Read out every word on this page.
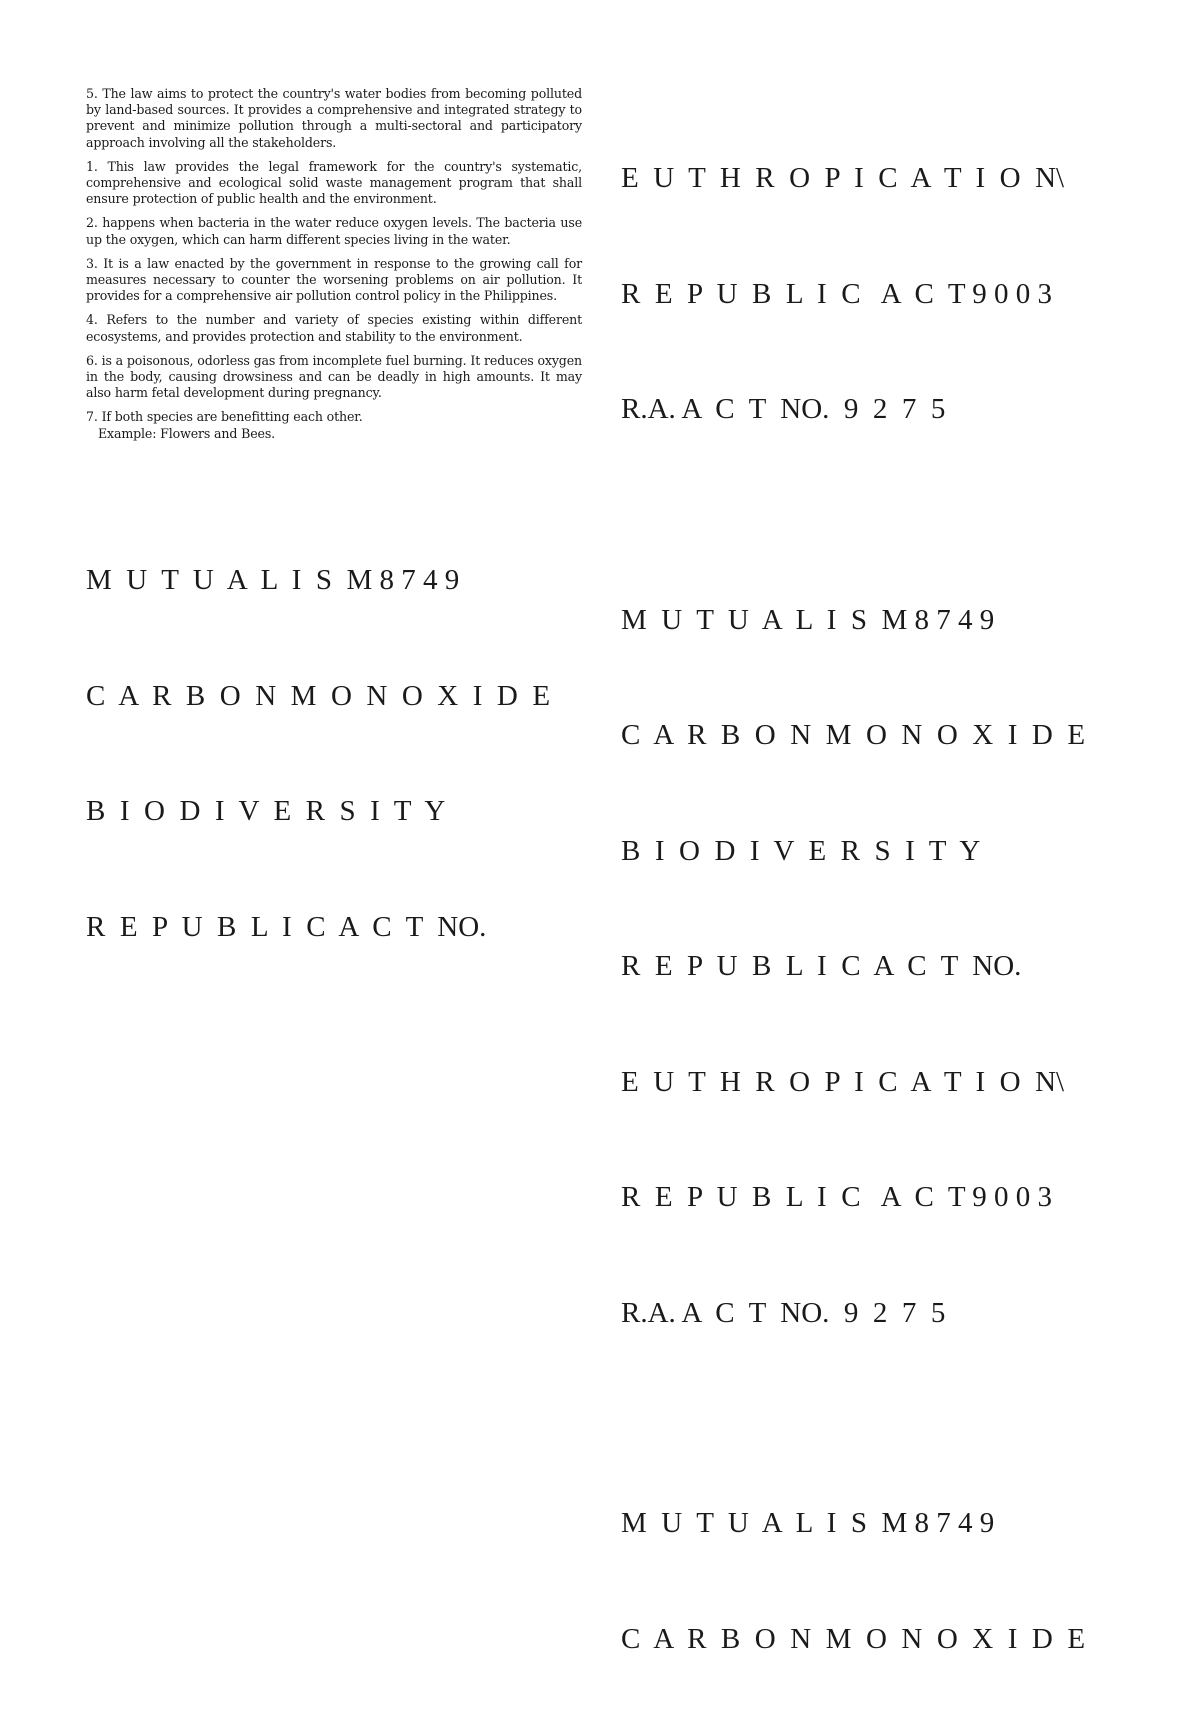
5. The law aims to protect the country's water bodies from becoming polluted by land-based sources. It provides a comprehensive and integrated strategy to prevent and minimize pollution through a multi-sectoral and participatory approach involving all the stakeholders.

1. This law provides the legal framework for the country's systematic, comprehensive and ecological solid waste management program that shall ensure protection of public health and the environment.

2. happens when bacteria in the water reduce oxygen levels. The bacteria use up the oxygen, which can harm different species living in the water.

3. It is a law enacted by the government in response to the growing call for measures necessary to counter the worsening problems on air pollution. It provides for a comprehensive air pollution control policy in the Philippines.

4. Refers to the number and variety of species existing within different ecosystems, and provides protection and stability to the environment.

6. is a poisonous, odorless gas from incomplete fuel burning. It reduces oxygen in the body, causing drowsiness and can be deadly in high amounts. It may also harm fetal development during pregnancy.

7. If both species are benefitting each other.
Example: Flowers and Bees.

M  U  T  U  A  L  I  S  M 8 7 4 9

C  A  R  B  O  N  M  O  N  O  X  I  D  E

B  I  O  D  I  V  E  R  S  I  T  Y

R  E  P  U  B  L  I  C  A  C  T  NO.

E  U  T  H  R  O  P  I  C  A  T  I  O  N\

R  E  P  U  B  L  I  C   A  C  T 9 0 0 3

R.A. A  C  T  NO.  9  2  7  5

M  U  T  U  A  L  I  S  M 8 7 4 9

C  A  R  B  O  N  M  O  N  O  X  I  D  E

B  I  O  D  I  V  E  R  S  I  T  Y

R  E  P  U  B  L  I  C  A  C  T  NO.

E  U  T  H  R  O  P  I  C  A  T  I  O  N\

R  E  P  U  B  L  I  C   A  C  T 9 0 0 3

R.A. A  C  T  NO.  9  2  7  5

M  U  T  U  A  L  I  S  M 8 7 4 9

C  A  R  B  O  N  M  O  N  O  X  I  D  E
